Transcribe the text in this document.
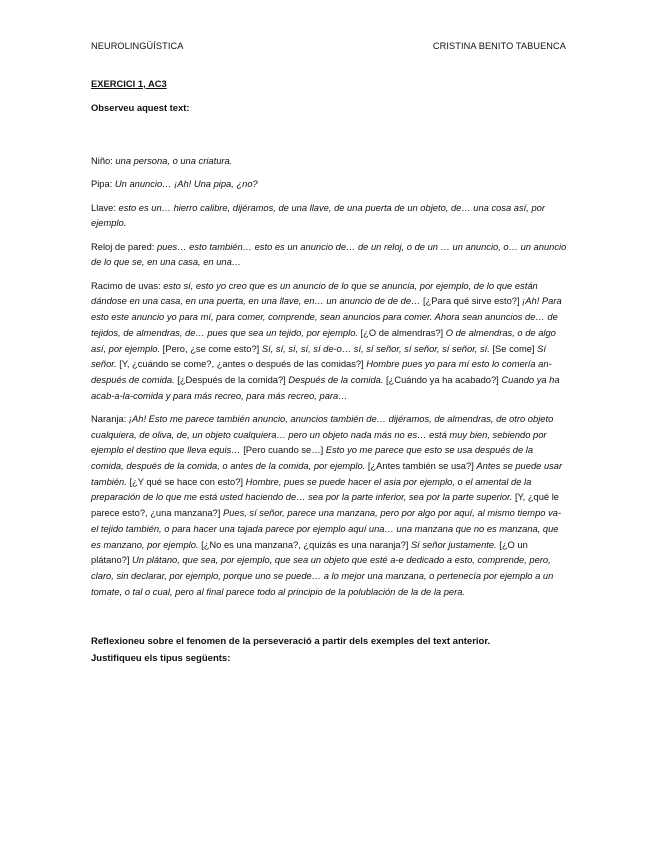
NEUROLINGÜÍSTICA	CRISTINA BENITO TABUENCA
EXERCICI 1, AC3
Observeu aquest text:

Niño: una persona, o una criatura.

Pipa: Un anuncio… ¡Ah! Una pipa, ¿no?

Llave: esto es un… hierro calibre, dijéramos, de una llave, de una puerta de un objeto, de… una cosa así, por ejemplo.

Reloj de pared: pues… esto también… esto es un anuncio de… de un reloj, o de un … un anuncio, o… un anuncio de lo que se, en una casa, en una…

Racimo de uvas: esto sí, esto yo creo que es un anuncio de lo que se anuncia, por ejemplo, de lo que están dándose en una casa, en una puerta, en una llave, en… un anuncio de de de… [¿Para qué sirve esto?] ¡Ah! Para esto este anuncio yo para mí, para comer, comprende, sean anuncios para comer. Ahora sean anuncios de… de tejidos, de almendras, de… pues que sea un tejido, por ejemplo. [¿O de almendras?] O de almendras, o de algo así, por ejemplo. [Pero, ¿se come esto?] Sí, sí, sí, sí, sí de-o… sí, sí señor, sí señor, sí señor, sí. [Se come] Sí señor. [Y, ¿cuándo se come?, ¿antes o después de las comidas?] Hombre pues yo para mí esto lo comería an-después de comida. [¿Después de la comida?] Después de la comida. [¿Cuándo ya ha acabado?] Cuando ya ha acab-a-la-comida y para más recreo, para más recreo, para…

Naranja: ¡Ah! Esto me parece también anuncio, anuncios también de… dijéramos, de almendras, de otro objeto cualquiera, de oliva, de, un objeto cualquiera… pero un objeto nada más no es… está muy bien, sebiendo por ejemplo el destino que lleva equis… [Pero cuando se…] Esto yo me parece que esto se usa después de la comida, después de la comida, o antes de la comida, por ejemplo. [¿Antes también se usa?] Antes se puede usar también. [¿Y qué se hace con esto?] Hombre, pues se puede hacer el asia por ejemplo, o el amental de la preparación de lo que me está usted haciendo de… sea por la parte inferior, sea por la parte superior. [Y, ¿qué le parece esto?, ¿una manzana?] Pues, sí señor, parece una manzana, pero por algo por aquí, al mismo tiempo va-el tejido también, o para hacer una tajada parece por ejemplo aquí una… una manzana que no es manzana, que es manzano, por ejemplo. [¿No es una manzana?, ¿quizás es una naranja?] Sí señor justamente. [¿O un plátano?] Un plátano, que sea, por ejemplo, que sea un objeto que esté a-e dedicado a esto, comprende, pero, claro, sin declarar, por ejemplo, porque uno se puede… a lo mejor una manzana, o pertenecía por ejemplo a un tomate, o tal o cual, pero al final parece todo al principio de la polublación de la de la pera.

Reflexioneu sobre el fenomen de la perseveració a partir dels exemples del text anterior.
Justifiqueu els tipus següents:
